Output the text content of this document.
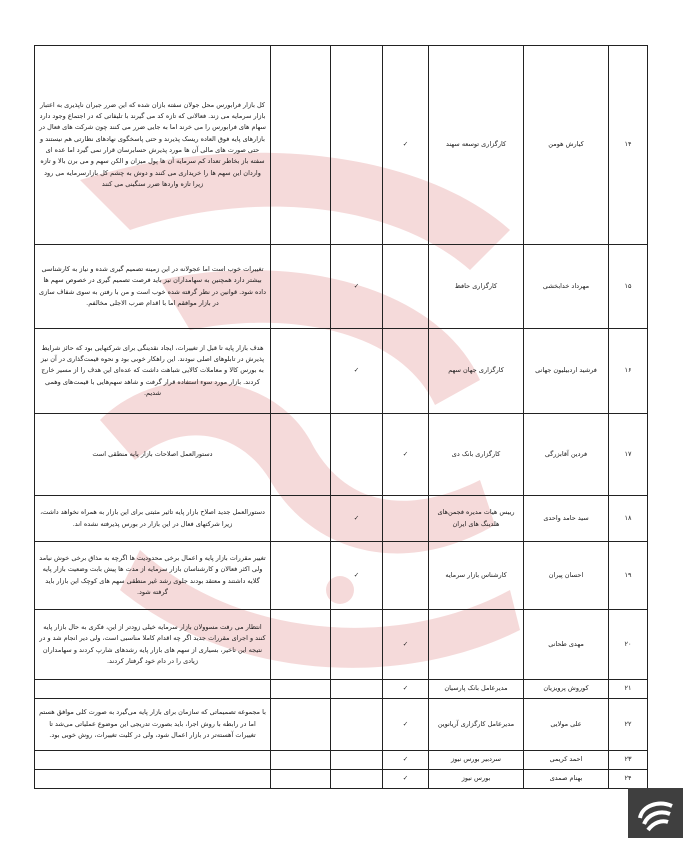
۱۴	کیارش هومن	کارگزاری توسعه سهند	✓			کل بازار فرابورس محل جولان سفته بازان شده که این ضرر جبران ناپذیری به اعتبار بازار سرمایه می زند. فعالانی که تازه کد می گیرند با تلیفاتی که در اجتماع وجود دارد سهام های فرابورس را می خرند اما به جایی ضرر می کنند چون شرکت های فعال در بازارهای پایه فوق العاده ریسک پذیرند و حتی پاسخگوی نهادهای نظارتی هم نیستند و حتی صورت های مالی آن ها مورد پذیرش حسابرسان قرار نمی گیرد اما عده ای سفته باز بخاطر تعداد کم سرمایه آن ها پول میزان و الکن سهم و می برن بالا و تازه واردان این سهم ها را خریداری می کنند و دوش به چشم کل بازارسرمایه می رود زیرا تازه واردها ضرر سنگینی می کنند
۱۵	مهرداد خدابخشی	کارگزاری حافظ		✓		تغییرات خوب است اما عجولانه در این زمینه تصمیم گیری شده و نیاز به کارشناسی بیشتر دارد همچنین به سهامداران نیز باید فرصت تصمیم گیری در خصوص سهم ها داده شود. قوانین در نظر گرفته شده خوب است و من با رفتن به سوی شفاف سازی در بازار موافقم اما با اقدام ضرب الاجلی مخالفم.
۱۶	فرشید اردبیلیون جهانی	کارگزاری جهان سهم		✓		هدف بازار پایه تا قبل از تغییرات، ایجاد نقدینگی برای شرکتهایی بود که حائز شرایط پذیرش در تابلوهای اصلی نبودند. این راهکار خوبی بود و نحوه قیمت‌گذاری در آن نیز به بورس کالا و معاملات کالایی شباهت داشت که عده‌ای این هدف را از مسیر خارج کردند. بازار مورد سوء استفاده قرار گرفت و شاهد سهم‌هایی با قیمت‌های وهمی شدیم.
۱۷	فردین آقابزرگی	کارگزاری بانک دی	✓			دستورالعمل اصلاحات بازار پایه منطقی است
۱۸	سید حامد واحدی	رییس هیات مدیره فجمن‌های هلدینگ های ایران		✓		دستورالعمل جدید اصلاح بازار پایه تاثیر مثبتی برای این بازار به همراه نخواهد داشت، زیرا شرکتهای فعال در این بازار در بورس پذیرفته نشده اند.
۱۹	احسان پیران	کارشناس بازار سرمایه		✓		تغییر مقررات بازار پایه و اعمال برخی محدودیت ها اگرچه به مذاق برخی خوش نیامد ولی اکثر فعالان و کارشناسان بازار سرمایه از مدت ها پیش بابت وضعیت بازار پایه گلایه داشتند و معتقد بودند جلوی رشد غیر منطقی سهم های کوچک این بازار باید گرفته شود.
۲۰	مهدی طحانی		✓			انتظار می رفت مسوولان بازار سرمایه خیلی زودتر از این، فکری به حال بازار پایه کنند و اجرای مقررات جدید اگر چه اقدام کاملا مناسبی است، ولی دیر انجام شد و در نتیجه این تاخیر، بسیاری از سهم های بازار پایه رشدهای شارپ کردند و سهامداران زیادی را در دام خود گرفتار کردند.
۲۱	کوروش پرویزیان	مدیرعامل بانک پارسیان	✓			
۲۲	علی مولایی	مدیرعامل کارگزاری آریانوین	✓			با مجموعه تصمیماتی که سازمان برای بازار پایه می‌گیرد به صورت کلی موافق هستم اما در رابطه با روش اجرا، باید بصورت تدریجی این موضوع عملیاتی می‌شد تا تغییرات آهسته‌تر در بازار اعمال شود، ولی در کلیت تغییرات، روش خوبی بود.
۲۳	احمد کریمی	سردبیر بورس نیوز	✓			
۲۴	بهنام صمدی	بورس نیوز	✓			
